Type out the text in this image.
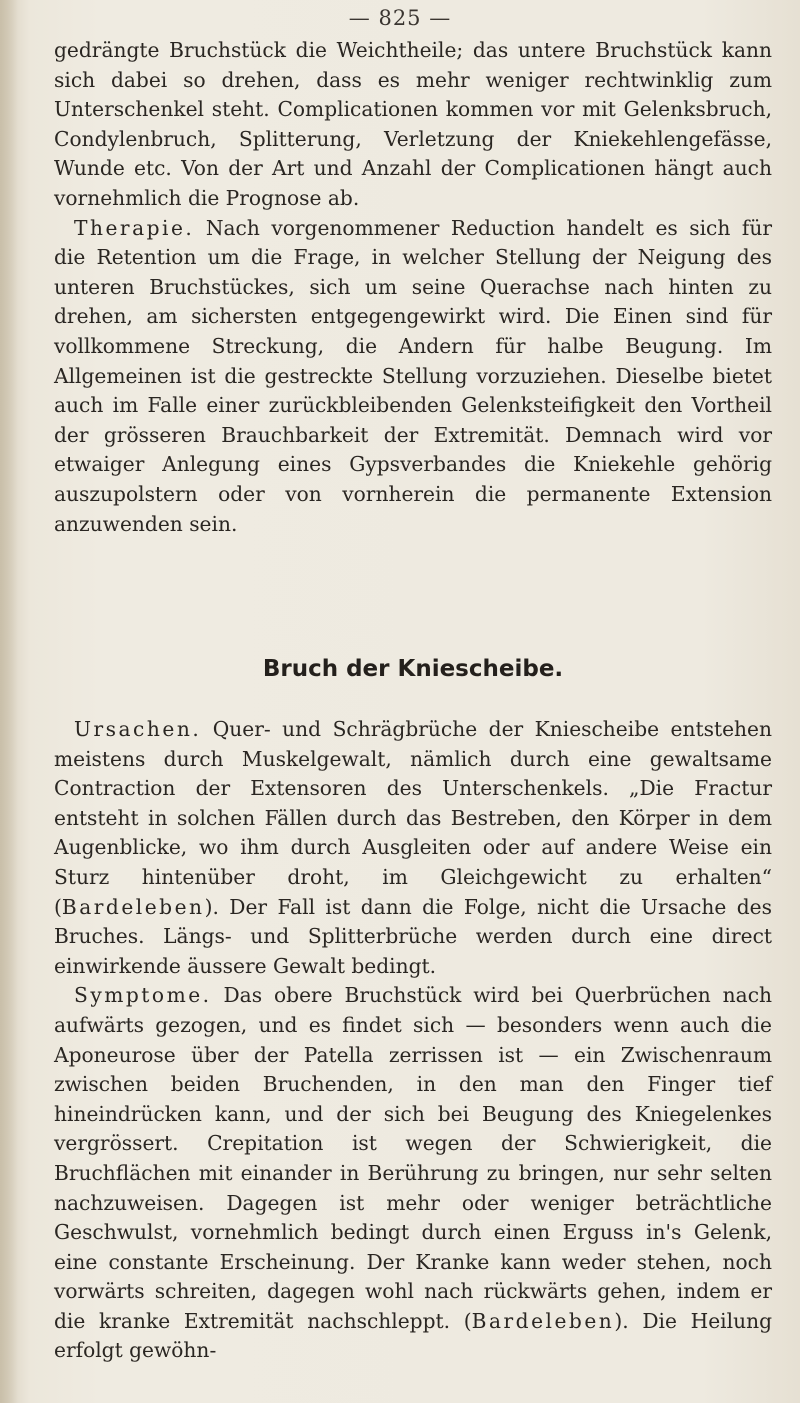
— 825 —

gedrängte Bruchstück die Weichtheile; das untere Bruchstück kann sich dabei so drehen, dass es mehr weniger rechtwinklig zum Unterschenkel steht. Complicationen kommen vor mit Gelenksbruch, Condylenbruch, Splitterung, Verletzung der Kniekehlengefässe, Wunde etc. Von der Art und Anzahl der Complicationen hängt auch vornehmlich die Prognose ab.

Therapie. Nach vorgenommener Reduction handelt es sich für die Retention um die Frage, in welcher Stellung der Neigung des unteren Bruchstückes, sich um seine Querachse nach hinten zu drehen, am sichersten entgegengewirkt wird. Die Einen sind für vollkommene Streckung, die Andern für halbe Beugung. Im Allgemeinen ist die gestreckte Stellung vorzuziehen. Dieselbe bietet auch im Falle einer zurückbleibenden Gelenksteifigkeit den Vortheil der grösseren Brauchbarkeit der Extremität. Demnach wird vor etwaiger Anlegung eines Gypsverbandes die Kniekehle gehörig auszupolstern oder von vornherein die permanente Extension anzuwenden sein.

Bruch der Kniescheibe.

Ursachen. Quer- und Schrägbrüche der Kniescheibe entstehen meistens durch Muskelgewalt, nämlich durch eine gewaltsame Contraction der Extensoren des Unterschenkels. „Die Fractur entsteht in solchen Fällen durch das Bestreben, den Körper in dem Augenblicke, wo ihm durch Ausgleiten oder auf andere Weise ein Sturz hintenüber droht, im Gleichgewicht zu erhalten“ (Bardeleben). Der Fall ist dann die Folge, nicht die Ursache des Bruches. Längs- und Splitterbrüche werden durch eine direct einwirkende äussere Gewalt bedingt.

Symptome. Das obere Bruchstück wird bei Querbrüchen nach aufwärts gezogen, und es findet sich — besonders wenn auch die Aponeurose über der Patella zerrissen ist — ein Zwischenraum zwischen beiden Bruchenden, in den man den Finger tief hineindrücken kann, und der sich bei Beugung des Kniegelenkes vergrössert. Crepitation ist wegen der Schwierigkeit, die Bruchflächen mit einander in Berührung zu bringen, nur sehr selten nachzuweisen. Dagegen ist mehr oder weniger beträchtliche Geschwulst, vornehmlich bedingt durch einen Erguss in's Gelenk, eine constante Erscheinung. Der Kranke kann weder stehen, noch vorwärts schreiten, dagegen wohl nach rückwärts gehen, indem er die kranke Extremität nachschleppt. (Bardeleben). Die Heilung erfolgt gewöhn-
